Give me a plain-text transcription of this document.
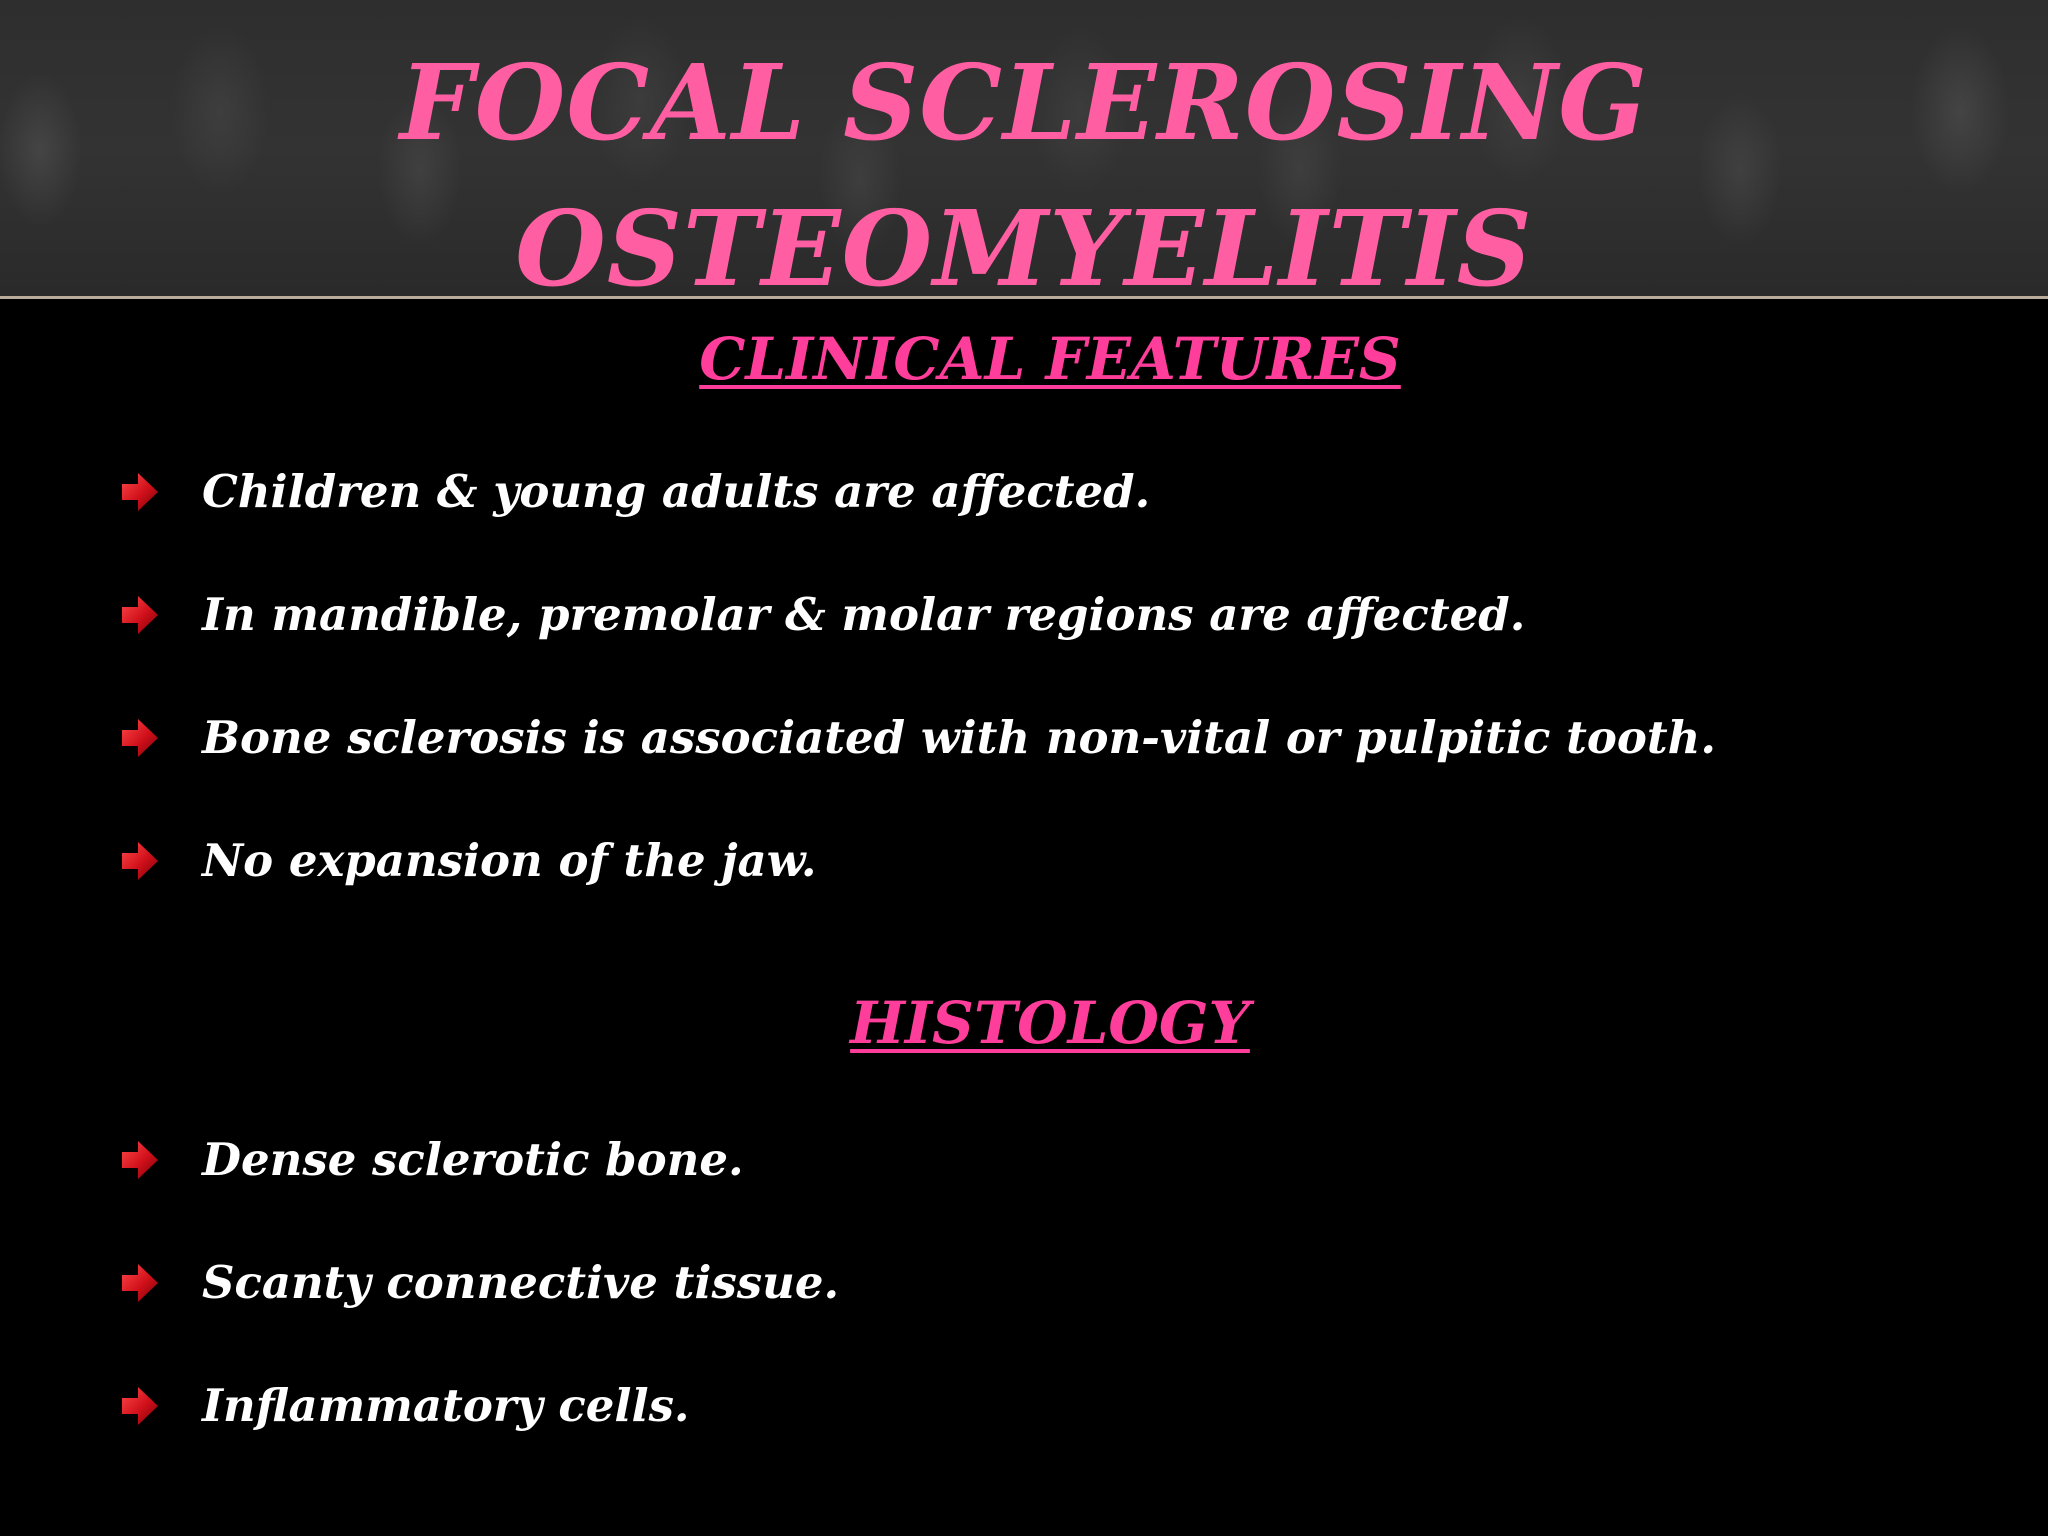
FOCAL SCLEROSING
OSTEOMYELITIS
CLINICAL FEATURES
Children & young adults are affected.
In mandible, premolar & molar regions are affected.
Bone sclerosis is associated with non-vital or pulpitic tooth.
No expansion of the jaw.
HISTOLOGY
Dense sclerotic bone.
Scanty connective tissue.
Inflammatory cells.
